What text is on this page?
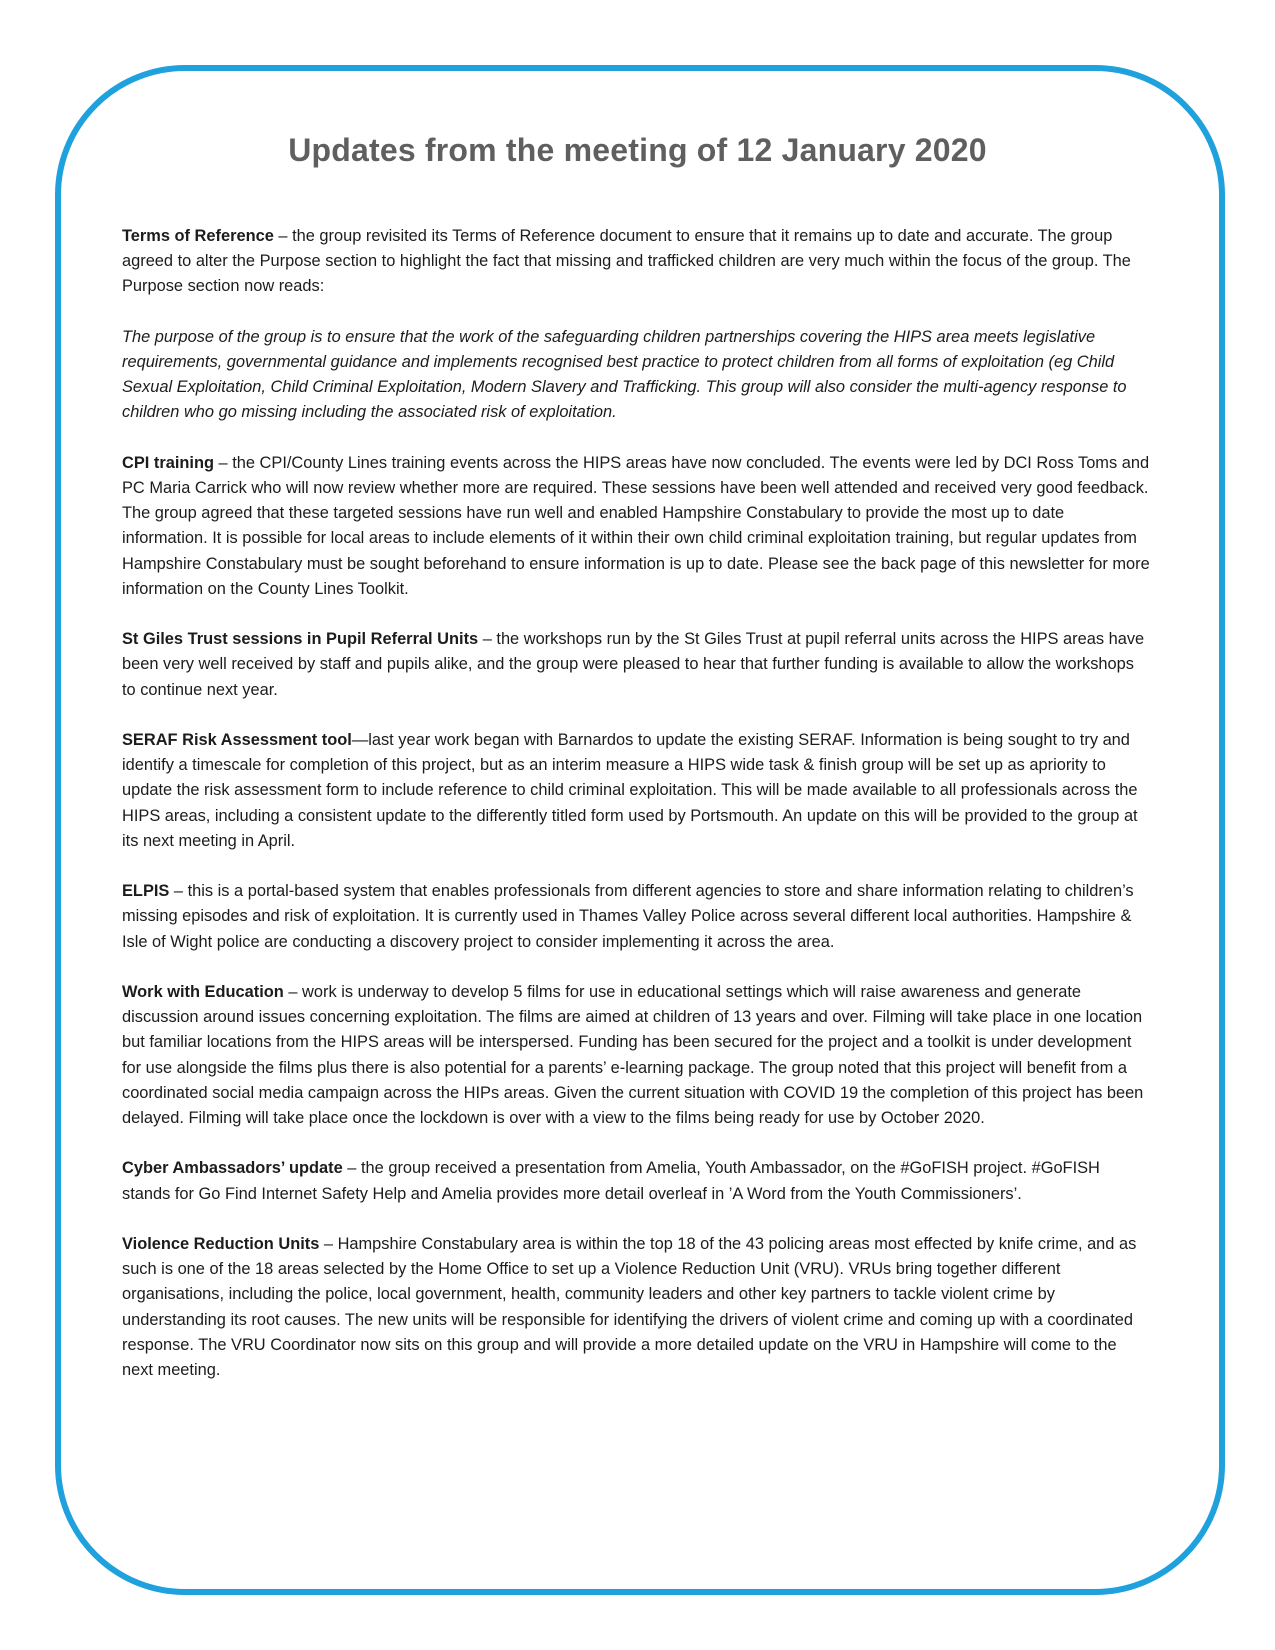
Updates from the meeting of 12 January 2020

Terms of Reference – the group revisited its Terms of Reference document to ensure that it remains up to date and accurate. The group agreed to alter the Purpose section to highlight the fact that missing and trafficked children are very much within the focus of the group. The Purpose section now reads:

The purpose of the group is to ensure that the work of the safeguarding children partnerships covering the HIPS area meets legislative requirements, governmental guidance and implements recognised best practice to protect children from all forms of exploitation (eg Child Sexual Exploitation, Child Criminal Exploitation, Modern Slavery and Trafficking. This group will also consider the multi-agency response to children who go missing including the associated risk of exploitation.

CPI training – the CPI/County Lines training events across the HIPS areas have now concluded. The events were led by DCI Ross Toms and PC Maria Carrick who will now review whether more are required. These sessions have been well attended and received very good feedback. The group agreed that these targeted sessions have run well and enabled Hampshire Constabulary to provide the most up to date information. It is possible for local areas to include elements of it within their own child criminal exploitation training, but regular updates from Hampshire Constabulary must be sought beforehand to ensure information is up to date. Please see the back page of this newsletter for more information on the County Lines Toolkit.

St Giles Trust sessions in Pupil Referral Units – the workshops run by the St Giles Trust at pupil referral units across the HIPS areas have been very well received by staff and pupils alike, and the group were pleased to hear that further funding is available to allow the workshops to continue next year.

SERAF Risk Assessment tool—last year work began with Barnardos to update the existing SERAF. Information is being sought to try and identify a timescale for completion of this project, but as an interim measure a HIPS wide task & finish group will be set up as apriority to update the risk assessment form to include reference to child criminal exploitation. This will be made available to all professionals across the HIPS areas, including a consistent update to the differently titled form used by Portsmouth. An update on this will be provided to the group at its next meeting in April.

ELPIS – this is a portal-based system that enables professionals from different agencies to store and share information relating to children’s missing episodes and risk of exploitation. It is currently used in Thames Valley Police across several different local authorities. Hampshire & Isle of Wight police are conducting a discovery project to consider implementing it across the area.

Work with Education – work is underway to develop 5 films for use in educational settings which will raise awareness and generate discussion around issues concerning exploitation. The films are aimed at children of 13 years and over. Filming will take place in one location but familiar locations from the HIPS areas will be interspersed. Funding has been secured for the project and a toolkit is under development for use alongside the films plus there is also potential for a parents’ e-learning package. The group noted that this project will benefit from a coordinated social media campaign across the HIPs areas. Given the current situation with COVID 19 the completion of this project has been delayed. Filming will take place once the lockdown is over with a view to the films being ready for use by October 2020.

Cyber Ambassadors’ update – the group received a presentation from Amelia, Youth Ambassador, on the #GoFISH project. #GoFISH stands for Go Find Internet Safety Help and Amelia provides more detail overleaf in ’A Word from the Youth Commissioners’.

Violence Reduction Units – Hampshire Constabulary area is within the top 18 of the 43 policing areas most effected by knife crime, and as such is one of the 18 areas selected by the Home Office to set up a Violence Reduction Unit (VRU). VRUs bring together different organisations, including the police, local government, health, community leaders and other key partners to tackle violent crime by understanding its root causes. The new units will be responsible for identifying the drivers of violent crime and coming up with a coordinated response. The VRU Coordinator now sits on this group and will provide a more detailed update on the VRU in Hampshire will come to the next meeting.
